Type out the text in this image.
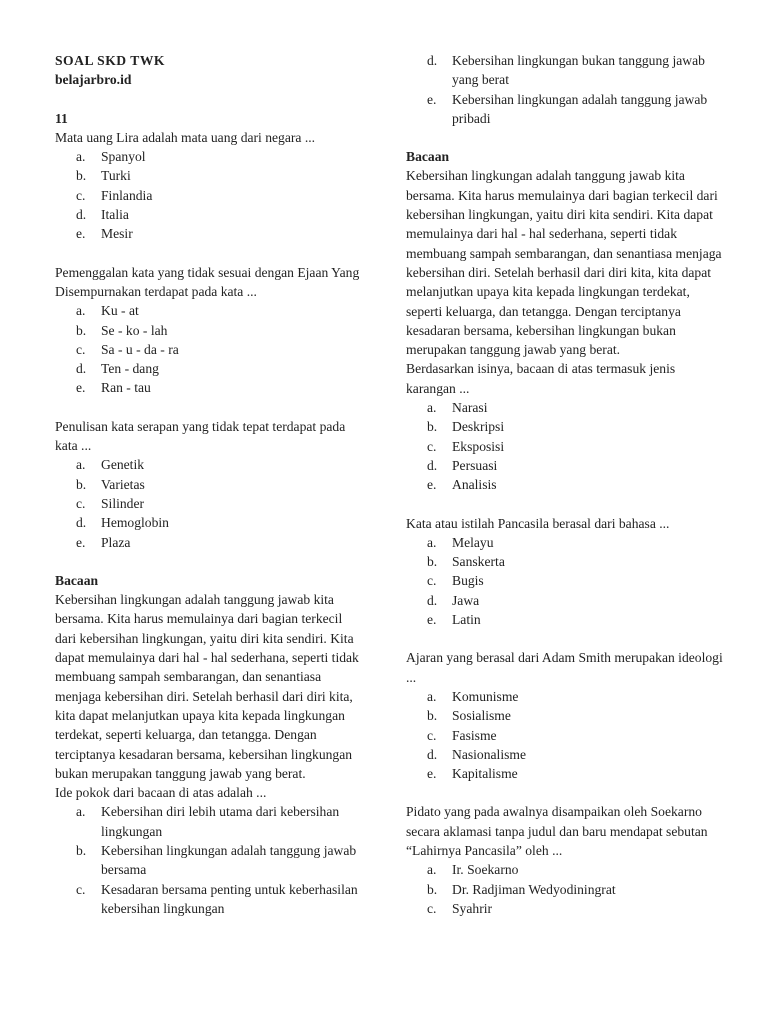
SOAL SKD TWK

belajarbro.id

11

Mata uang Lira adalah mata uang dari negara ...

a.	Spanyol
b.	Turki
c.	Finlandia
d.	Italia
e.	Mesir

Pemenggalan kata yang tidak sesuai dengan Ejaan Yang Disempurnakan terdapat pada kata ...

a.	Ku - at
b.	Se - ko - lah
c.	Sa - u - da - ra
d.	Ten - dang
e.	Ran - tau

Penulisan kata serapan yang tidak tepat terdapat pada kata ...

a.	Genetik
b.	Varietas
c.	Silinder
d.	Hemoglobin
e.	Plaza

Bacaan

Kebersihan lingkungan adalah tanggung jawab kita bersama. Kita harus memulainya dari bagian terkecil dari kebersihan lingkungan, yaitu diri kita sendiri. Kita dapat memulainya dari hal - hal sederhana, seperti tidak membuang sampah sembarangan, dan senantiasa menjaga kebersihan diri. Setelah berhasil dari diri kita, kita dapat melanjutkan upaya kita kepada lingkungan terdekat, seperti keluarga, dan tetangga. Dengan terciptanya kesadaran bersama, kebersihan lingkungan bukan merupakan tanggung jawab yang berat.

Ide pokok dari bacaan di atas adalah ...

a.	Kebersihan diri lebih utama dari kebersihan lingkungan
b.	Kebersihan lingkungan adalah tanggung jawab bersama
c.	Kesadaran bersama penting untuk keberhasilan kebersihan lingkungan
d.	Kebersihan lingkungan bukan tanggung jawab yang berat
e.	Kebersihan lingkungan adalah tanggung jawab pribadi

Bacaan

Kebersihan lingkungan adalah tanggung jawab kita bersama. Kita harus memulainya dari bagian terkecil dari kebersihan lingkungan, yaitu diri kita sendiri. Kita dapat memulainya dari hal - hal sederhana, seperti tidak membuang sampah sembarangan, dan senantiasa menjaga kebersihan diri. Setelah berhasil dari diri kita, kita dapat melanjutkan upaya kita kepada lingkungan terdekat, seperti keluarga, dan tetangga. Dengan terciptanya kesadaran bersama, kebersihan lingkungan bukan merupakan tanggung jawab yang berat.

Berdasarkan isinya, bacaan di atas termasuk jenis karangan ...

a.	Narasi
b.	Deskripsi
c.	Eksposisi
d.	Persuasi
e.	Analisis

Kata atau istilah Pancasila berasal dari bahasa ...

a.	Melayu
b.	Sanskerta
c.	Bugis
d.	Jawa
e.	Latin

Ajaran yang berasal dari Adam Smith merupakan ideologi ...

a.	Komunisme
b.	Sosialisme
c.	Fasisme
d.	Nasionalisme
e.	Kapitalisme

Pidato yang pada awalnya disampaikan oleh Soekarno secara aklamasi tanpa judul dan baru mendapat sebutan “Lahirnya Pancasila” oleh ...

a.	Ir. Soekarno
b.	Dr. Radjiman Wedyodiningrat
c.	Syahrir
